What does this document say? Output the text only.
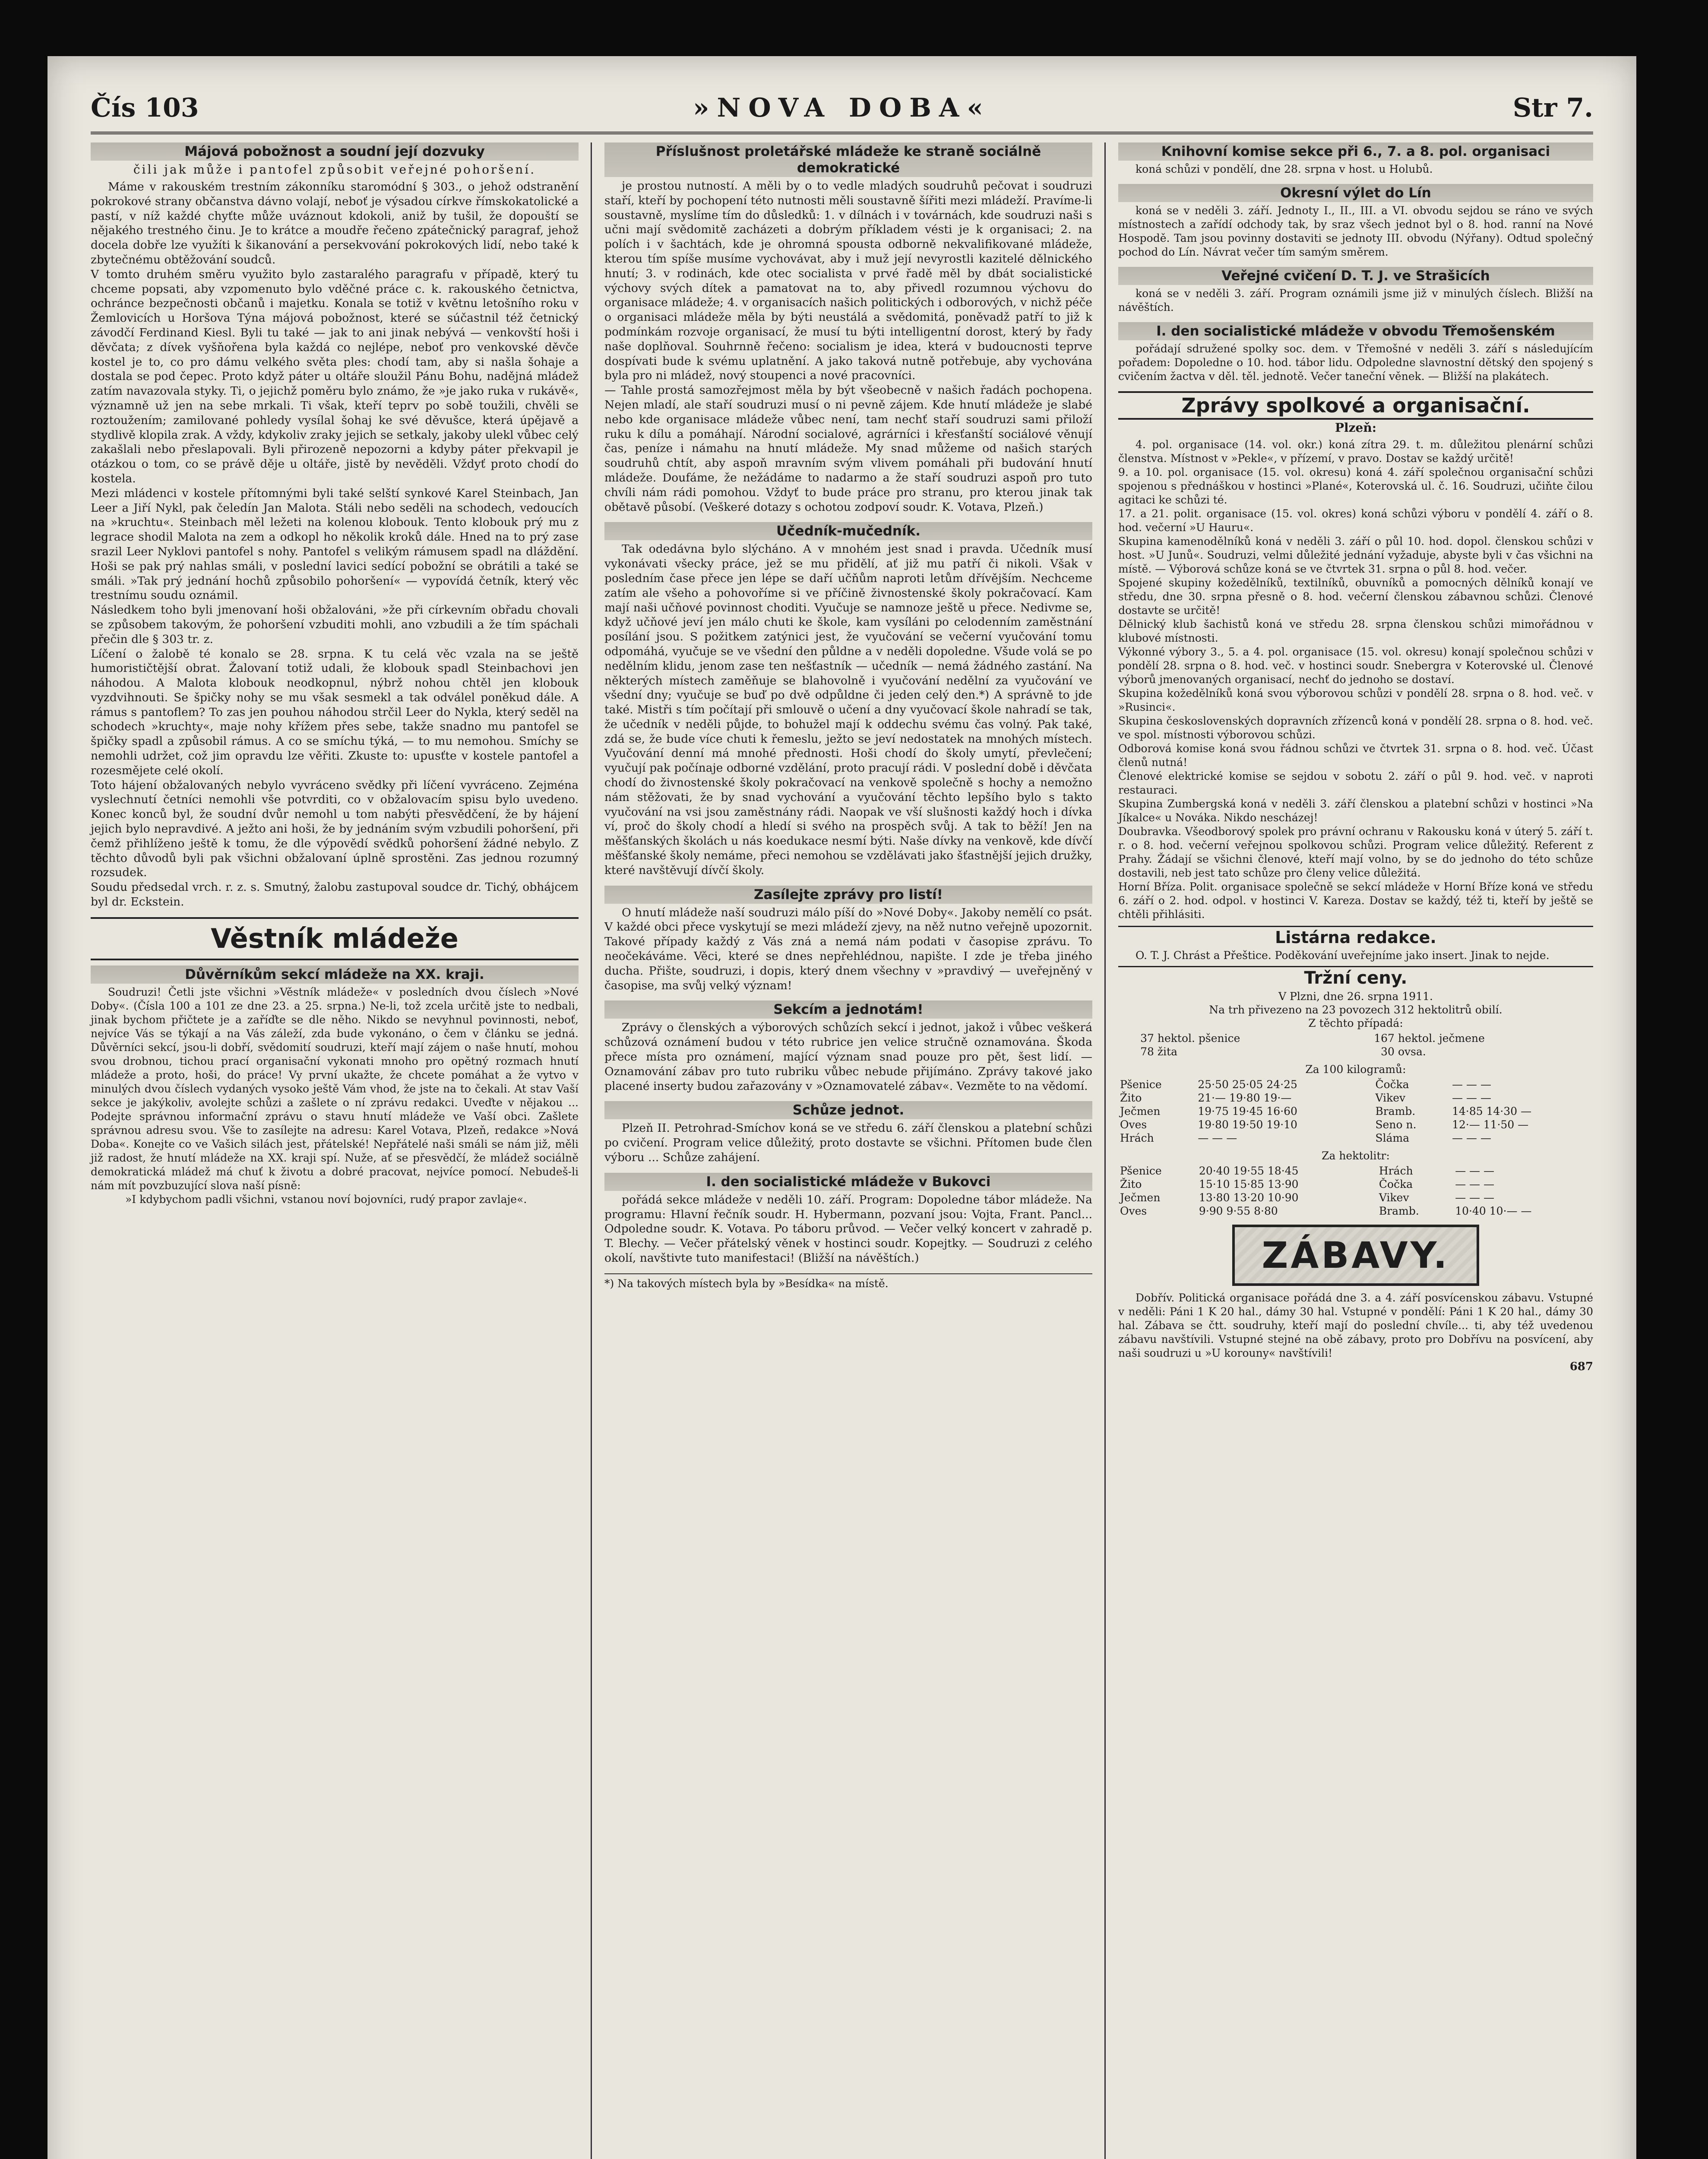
Čís 103	»NOVA DOBA«	Str 7.
Májová pobožnost a soudní její dozvuky
čili jak může i pantofel způsobit veřejné pohoršení.
Máme v rakouském trestním zákonníku staromódní § 303., o jehož odstranění pokrokové strany občanstva dávno volají, neboť je výsadou církve římskokatolické a pastí, v níž každé chyťte může uváznout kdokoli, aniž by tušil, že dopouští se nějakého trestného činu. Je to krátce a moudře řečeno zpátečnický paragraf, jehož docela dobře lze využíti k šikanování a persekvování pokrokových lidí, nebo také k zbytečnému obtěžování soudců.
V tomto druhém směru využito bylo zastaralého paragrafu v případě, který tu chceme popsati, aby vzpomenuto bylo vděčné práce c. k. rakouského četnictva, ochránce bezpečnosti občanů i majetku. Konala se totiž v květnu letošního roku v Žemlovicích u Horšova Týna májová pobožnost, které se súčastnil též četnický závodčí Ferdinand Kiesl. Byli tu také — jak to ani jinak nebývá — venkovští hoši i děvčata; z dívek vyšňořena byla každá co nejlépe, neboť pro venkovské děvče kostel je to, co pro dámu velkého světa ples: chodí tam, aby si našla šohaje a dostala se pod čepec. Proto když páter u oltáře sloužil Pánu Bohu, nadějná mládež zatím navazovala styky. Ti, o jejichž poměru bylo známo, že »je jako ruka v rukávě«, významně už jen na sebe mrkali. Ti však, kteří teprv po sobě toužili, chvěli se roztoužením; zamilované pohledy vysílal šohaj ke své děvušce, která úpějavě a stydlivě klopila zrak. A vždy, kdykoliv zraky jejich se setkaly, jakoby ulekl vůbec celý zakašlali nebo přeslapovali. Byli přirozeně nepozorni a kdyby páter překvapil je otázkou o tom, co se právě děje u oltáře, jistě by nevěděli. Vždyť proto chodí do kostela.
Mezi mládenci v kostele přítomnými byli také selští synkové Karel Steinbach, Jan Leer a Jiří Nykl, pak čeledín Jan Malota. Stáli nebo seděli na schodech, vedoucích na »kruchtu«. Steinbach měl ležeti na kolenou klobouk. Tento klobouk prý mu z legrace shodil Malota na zem a odkopl ho několik kroků dále. Hned na to prý zase srazil Leer Nyklovi pantofel s nohy. Pantofel s velikým rámusem spadl na dláždění. Hoši se pak prý nahlas smáli, v poslední lavici sedící pobožní se obrátili a také se smáli. »Tak prý jednání hochů způsobilo pohoršení« — vypovídá četník, který věc trestnímu soudu oznámil.
Následkem toho byli jmenovaní hoši obžalováni, »že při církevním obřadu chovali se způsobem takovým, že pohoršení vzbuditi mohli, ano vzbudili a že tím spáchali přečin dle § 303 tr. z.
Líčení o žalobě té konalo se 28. srpna. K tu celá věc vzala na se ještě humorističtější obrat. Žalovaní totiž udali, že klobouk spadl Steinbachovi jen náhodou. A Malota klobouk neodkopnul, nýbrž nohou chtěl jen klobouk vyzdvihnouti. Se špičky nohy se mu však sesmekl a tak odválel poněkud dále. A rámus s pantoflem? To zas jen pouhou náhodou strčil Leer do Nykla, který seděl na schodech »kruchty«, maje nohy křížem přes sebe, takže snadno mu pantofel se špičky spadl a způsobil rámus. A co se smíchu týká, — to mu nemohou. Smíchy se nemohli udržet, což jim opravdu lze věřiti. Zkuste to: upusťte v kostele pantofel a rozesmějete celé okolí.
Toto hájení obžalovaných nebylo vyvráceno svědky při líčení vyvráceno. Zejména vyslechnutí četníci nemohli vše potvrditi, co v obžalovacím spisu bylo uvedeno. Konec konců byl, že soudní dvůr nemohl u tom nabýti přesvědčení, že by hájení jejich bylo nepravdivé. A ježto ani hoši, že by jednáním svým vzbudili pohoršení, při čemž přihlíženo ještě k tomu, že dle výpovědí svědků pohoršení žádné nebylo. Z těchto důvodů byli pak všichni obžalovaní úplně sprostěni. Zas jednou rozumný rozsudek.
Soudu předsedal vrch. r. z. s. Smutný, žalobu zastupoval soudce dr. Tichý, obhájcem byl dr. Eckstein.
Věstník mládeže
Důvěrníkům sekcí mládeže na XX. kraji.
Soudruzi! Četli jste všichni »Věstník mládeže« v posledních dvou číslech »Nové Doby«. (Čísla 100 a 101 ze dne 23. a 25. srpna.) Ne-li, tož zcela určitě jste to nedbali, jinak bychom přičtete je a zaříďte se dle něho. Nikdo se nevyhnul povinnosti, neboť, nejvíce Vás se týkají a na Vás záleží, zda bude vykonáno, o čem v článku se jedná. Důvěrníci sekcí, jsou-li dobří, svědomití soudruzi, kteří mají zájem o naše hnutí, mohou svou drobnou, tichou prací organisační vykonati mnoho pro opětný rozmach hnutí mládeže a proto, hoši, do práce! Vy první ukažte, že chcete pomáhat a že vytvo v minulých dvou číslech vydaných vysoko ještě Vám vhod, že jste na to čekali. At stav Vaší sekce je jakýkoliv, avolejte schůzi a zašlete o ní zprávu redakci. Uveďte v nějakou ... Podejte správnou informační zprávu o stavu hnutí mládeže ve Vaší obci. Zašlete správnou adresu svou. Vše to zasílejte na adresu: Karel Votava, Plzeň, redakce »Nová Doba«. Konejte co ve Vašich silách jest, přátelské! Nepřátelé naši smáli se nám již, měli již radost, že hnutí mládeže na XX. kraji spí. Nuže, ať se přesvědčí, že mládež sociálně demokratická mládež má chuť k životu a dobré pracovat, nejvíce pomocí. Nebudeš-li nám mít povzbuzující slova naší písně:
»I kdybychom padli všichni, vstanou noví bojovníci, rudý prapor zavlaje«.
Příslušnost proletářské mládeže ke straně sociálně demokratické
je prostou nutností. A měli by o to vedle mladých soudruhů pečovat i soudruzi staří, kteří by pochopení této nutnosti měli soustavně šířiti mezi mládeží. Pravíme-li soustavně, myslíme tím do důsledků: 1. v dílnách i v továrnách, kde soudruzi naši s učni mají svědomitě zacházeti a dobrým příkladem vésti je k organisaci; 2. na polích i v šachtách, kde je ohromná spousta odborně nekvalifikované mládeže, kterou tím spíše musíme vychovávat, aby i muž její nevyrostli kazitelé dělnického hnutí; 3. v rodinách, kde otec socialista v prvé řadě měl by dbát socialistické výchovy svých dítek a pamatovat na to, aby přivedl rozumnou výchovu do organisace mládeže; 4. v organisacích našich politických i odborových, v nichž péče o organisaci mládeže měla by býti neustálá a svědomitá, poněvadž patří to již k podmínkám rozvoje organisací, že musí tu býti intelligentní dorost, který by řady naše doplňoval. Souhrnně řečeno: socialism je idea, která v budoucnosti teprve dospívati bude k svému uplatnění. A jako taková nutně potřebuje, aby vychována byla pro ni mládež, nový stoupenci a nové pracovníci.
— Tahle prostá samozřejmost měla by být všeobecně v našich řadách pochopena. Nejen mladí, ale staří soudruzi musí o ni pevně zájem. Kde hnutí mládeže je slabé nebo kde organisace mládeže vůbec není, tam nechť staří soudruzi sami přiloží ruku k dílu a pomáhají. Národní socialové, agrárníci i křesťanští sociálové věnují čas, peníze i námahu na hnutí mládeže. My snad můžeme od našich starých soudruhů chtít, aby aspoň mravním svým vlivem pomáhali při budování hnutí mládeže. Doufáme, že nežádáme to nadarmo a že staří soudruzi aspoň pro tuto chvíli nám rádi pomohou. Vždyť to bude práce pro stranu, pro kterou jinak tak obětavě působí. (Veškeré dotazy s ochotou zodpoví soudr. K. Votava, Plzeň.)
Učedník-mučedník.
Tak odedávna bylo slýcháno. A v mnohém jest snad i pravda. Učedník musí vykonávati všecky práce, jež se mu přidělí, ať již mu patří či nikoli. Však v posledním čase přece jen lépe se daří učňům naproti letům dřívějším. Nechceme zatím ale všeho a pohovoříme si ve příčině živnostenské školy pokračovací. Kam mají naši učňové povinnost choditi. Vyučuje se namnoze ještě u přece. Nedivme se, když učňové jeví jen málo chuti ke škole, kam vysíláni po celodenním zaměstnání posílání jsou. S požitkem zatýnici jest, že vyučování se večerní vyučování tomu odpomáhá, vyučuje se ve všední den půldne a v neděli dopoledne. Všude volá se po nedělním klidu, jenom zase ten nešťastník — učedník — nemá žádného zastání. Na některých místech zaměňuje se blahovolně i vyučování nedělní za vyučování ve všední dny; vyučuje se buď po dvě odpůldne či jeden celý den.*) A správně to jde také. Mistři s tím počítají při smlouvě o učení a dny vyučovací škole nahradí se tak, že učedník v neděli půjde, to bohužel mají k oddechu svému čas volný. Pak také, zdá se, že bude více chuti k řemeslu, ježto se jeví nedostatek na mnohých místech. Vyučování denní má mnohé přednosti. Hoši chodí do školy umytí, převlečení; vyučují pak počínaje odborné vzdělání, proto pracují rádi. V poslední době i děvčata chodí do živnostenské školy pokračovací na venkově společně s hochy a nemožno nám stěžovati, že by snad vychování a vyučování těchto lepšího bylo s takto vyučování na vsi jsou zaměstnány rádi. Naopak ve vší slušnosti každý hoch i dívka ví, proč do školy chodí a hledí si svého na prospěch svůj. A tak to běží! Jen na měšťanských školách u nás koedukace nesmí býti. Naše dívky na venkově, kde dívčí měšťanské školy nemáme, přeci nemohou se vzdělávati jako šťastnější jejich družky, které navštěvují dívčí školy.
Zasílejte zprávy pro listí!
O hnutí mládeže naší soudruzi málo píší do »Nové Doby«. Jakoby nemělí co psát. V každé obci přece vyskytují se mezi mládeží zjevy, na něž nutno veřejně upozornit. Takové případy každý z Vás zná a nemá nám podati v časopise zprávu. To neočekáváme. Věci, které se dnes nepřehlédnou, napište. I zde je třeba jiného ducha. Přište, soudruzi, i dopis, který dnem všechny v »pravdivý — uveřejněný v časopise, ma svůj velký význam!
Sekcím a jednotám!
Zprávy o členských a výborových schůzích sekcí i jednot, jakož i vůbec veškerá schůzová oznámení budou v této rubrice jen velice stručně oznamována. Škoda přece místa pro oznámení, mající význam snad pouze pro pět, šest lidí. — Oznamování zábav pro tuto rubriku vůbec nebude přijímáno. Zprávy takové jako placené inserty budou zařazovány v »Oznamovatelé zábav«. Vezměte to na vědomí.
Schůze jednot.
Plzeň II. Petrohrad-Smíchov koná se ve středu 6. září členskou a platební schůzi po cvičení. Program velice důležitý, proto dostavte se všichni. Přítomen bude člen výboru ... Schůze zahájení.
I. den socialistické mládeže v Bukovci
pořádá sekce mládeže v neděli 10. září. Program: Dopoledne tábor mládeže. Na programu: Hlavní řečník soudr. H. Hybermann, pozvaní jsou: Vojta, Frant. Pancl... Odpoledne soudr. K. Votava. Po táboru průvod. — Večer velký koncert v zahradě p. T. Blechy. — Večer přátelský věnek v hostinci soudr. Kopejtky. — Soudruzi z celého okolí, navštivte tuto manifestaci! (Bližší na návěštích.)
*) Na takových místech byla by »Besídka« na místě.
Knihovní komise sekce při 6., 7. a 8. pol. organisaci
koná schůzi v pondělí, dne 28. srpna v host. u Holubů.
Okresní výlet do Lín
koná se v neděli 3. září. Jednoty I., II., III. a VI. obvodu sejdou se ráno ve svých místnostech a zařídí odchody tak, by sraz všech jednot byl o 8. hod. ranní na Nové Hospodě. Tam jsou povinny dostaviti se jednoty III. obvodu (Nýřany). Odtud společný pochod do Lín. Návrat večer tím samým směrem.
Veřejné cvičení D. T. J. ve Strašicích
koná se v neděli 3. září. Program oznámili jsme již v minulých číslech. Bližší na návěštích.
I. den socialistické mládeže v obvodu Třemošenském
pořádají sdružené spolky soc. dem. v Třemošné v neděli 3. září s následujícím pořadem: Dopoledne o 10. hod. tábor lidu. Odpoledne slavnostní dětský den spojený s cvičením žactva v děl. těl. jednotě. Večer taneční věnek. — Bližší na plakátech.
Zprávy spolkové a organisační.
Plzeň:
4. pol. organisace (14. vol. okr.) koná zítra 29. t. m. důležitou plenární schůzi členstva. Místnost v »Pekle«, v přízemí, v pravo. Dostav se každý určitě!
9. a 10. pol. organisace (15. vol. okresu) koná 4. září společnou organisační schůzi spojenou s přednáškou v hostinci »Plané«, Koterovská ul. č. 16. Soudruzi, učiňte čilou agitaci ke schůzi té.
17. a 21. polit. organisace (15. vol. okres) koná schůzi výboru v pondělí 4. září o 8. hod. večerní »U Hauru«.
Skupina kamenodělníků koná v neděli 3. září o půl 10. hod. dopol. členskou schůzi v host. »U Junů«. Soudruzi, velmi důležité jednání vyžaduje, abyste byli v čas všichni na místě. — Výborová schůze koná se ve čtvrtek 31. srpna o půl 8. hod. večer.
Spojené skupiny kožedělníků, textilníků, obuvníků a pomocných dělníků konají ve středu, dne 30. srpna přesně o 8. hod. večerní členskou zábavnou schůzi. Členové dostavte se určitě!
Dělnický klub šachistů koná ve středu 28. srpna členskou schůzi mimořádnou v klubové místnosti.
Výkonné výbory 3., 5. a 4. pol. organisace (15. vol. okresu) konají společnou schůzi v pondělí 28. srpna o 8. hod. več. v hostinci soudr. Snebergra v Koterovské ul. Členové výborů jmenovaných organisací, nechť do jednoho se dostaví.
Skupina kožedělníků koná svou výborovou schůzi v pondělí 28. srpna o 8. hod. več. v »Rusinci«.
Skupina československých dopravních zřízenců koná v pondělí 28. srpna o 8. hod. več. ve spol. místnosti výborovou schůzi.
Odborová komise koná svou řádnou schůzi ve čtvrtek 31. srpna o 8. hod. več. Účast členů nutná!
Členové elektrické komise se sejdou v sobotu 2. září o půl 9. hod. več. v naproti restauraci.
Skupina Zumbergská koná v neděli 3. září členskou a platební schůzi v hostinci »Na Jíkalce« u Nováka. Nikdo nescházej!
Doubravka. Všeodborový spolek pro právní ochranu v Rakousku koná v úterý 5. září t. r. o 8. hod. večerní veřejnou spolkovou schůzi. Program velice důležitý. Referent z Prahy. Žádají se všichni členové, kteří mají volno, by se do jednoho do této schůze dostavili, neb jest tato schůze pro členy velice důležitá.
Horní Bříza. Polit. organisace společně se sekcí mládeže v Horní Bříze koná ve středu 6. září o 2. hod. odpol. v hostinci V. Kareza. Dostav se každý, též ti, kteří by ještě se chtěli přihlásiti.
Listárna redakce.
O. T. J. Chrást a Přeštice. Poděkování uveřejníme jako insert. Jinak to nejde.
Tržní ceny.
V Plzni, dne 26. srpna 1911.
Na trh přivezeno na 23 povozech 312 hektolitrů obilí.
Z těchto případá:
37	hektol. pšenice	167	hektol. ječmene
78	žita	30	ovsa.
Za 100 kilogramů:
Pšenice	25·50 25·05 24·25	Čočka	— — —
Žito	21·— 19·80 19·—	Vikev	— — —
Ječmen	19·75 19·45 16·60	Bramb.	14·85 14·30 —
Oves	19·80 19·50 19·10	Seno n.	12·— 11·50 —
Hrách	— — —	Sláma	— — —
Za hektolitr:
Pšenice	20·40 19·55 18·45	Hrách	— — —
Žito	15·10 15·85 13·90	Čočka	— — —
Ječmen	13·80 13·20 10·90	Vikev	— — —
Oves	9·90 9·55 8·80	Bramb.	10·40 10·— —
ZÁBAVY.
Dobřív. Politická organisace pořádá dne 3. a 4. září posvícenskou zábavu. Vstupné v neděli: Páni 1 K 20 hal., dámy 30 hal. Vstupné v pondělí: Páni 1 K 20 hal., dámy 30 hal. Zábava se čtt. soudruhy, kteří mají do poslední chvíle... ti, aby též uvedenou zábavu navštívili. Vstupné stejné na obě zábavy, proto pro Dobřívu na posvícení, aby naši soudruzi u »U korouny« navštívili!
687
